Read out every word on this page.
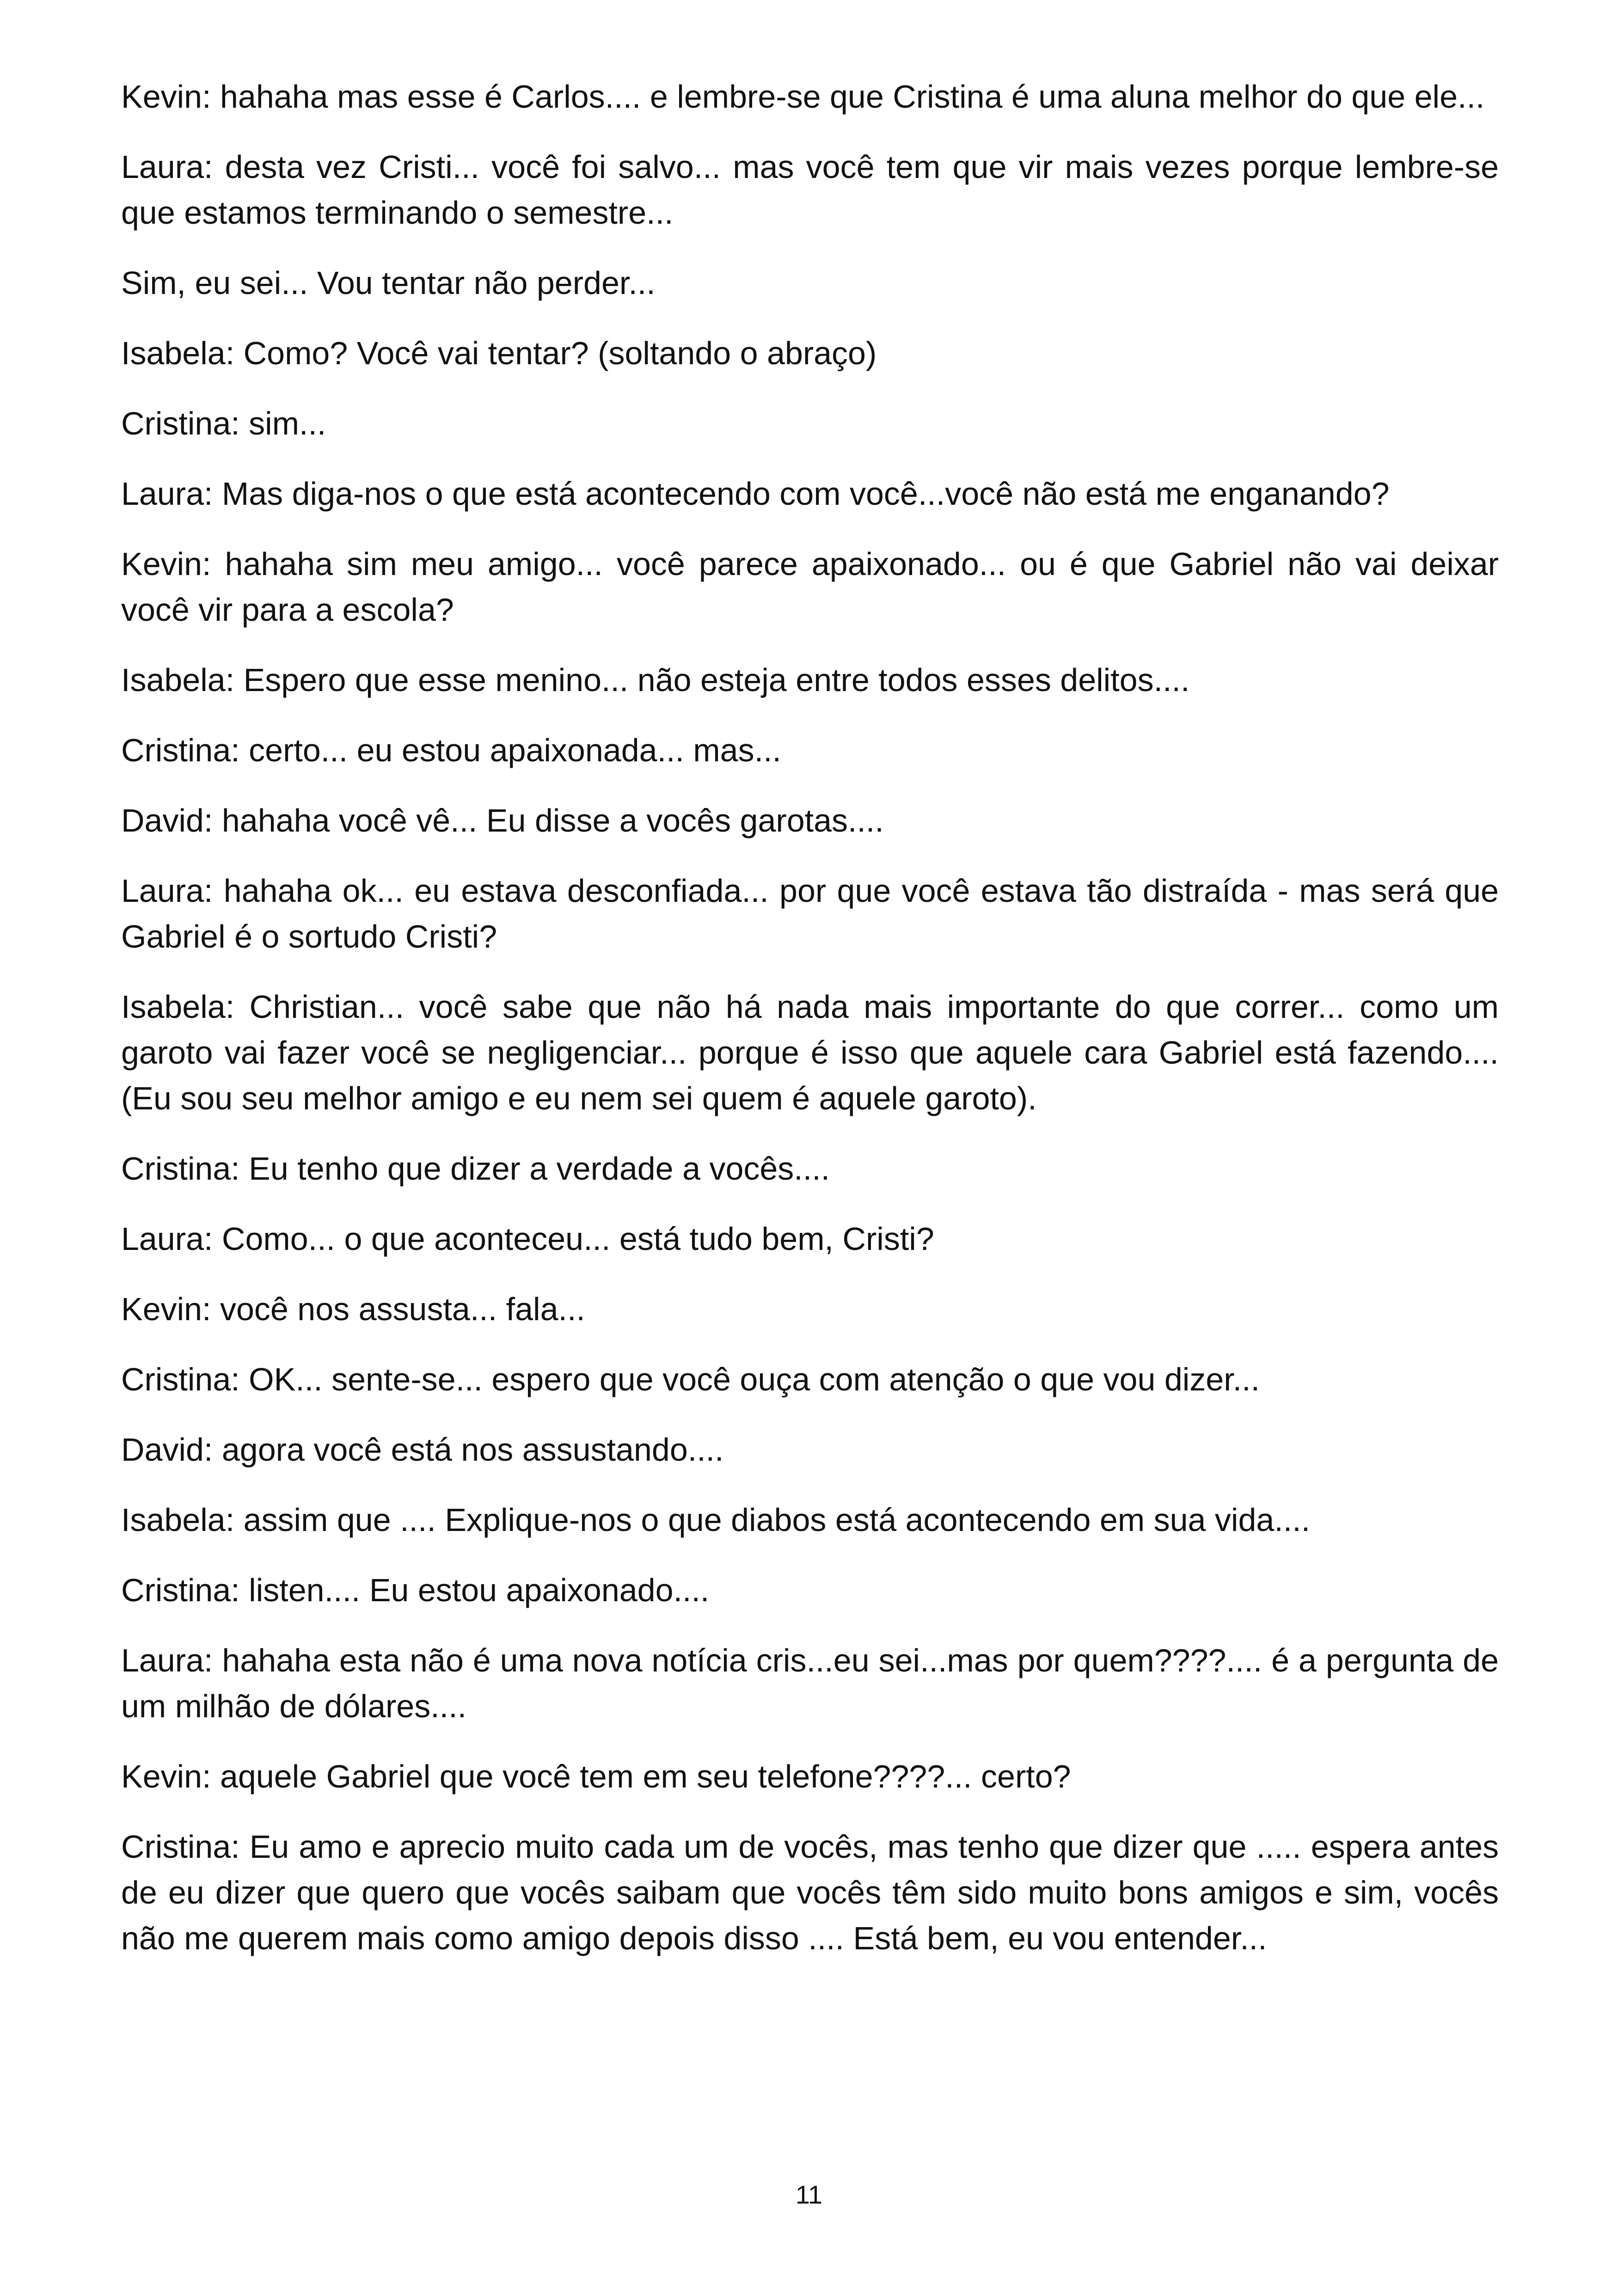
Kevin: hahaha mas esse é Carlos.... e lembre-se que Cristina é uma aluna melhor do que ele...

Laura: desta vez Cristi... você foi salvo... mas você tem que vir mais vezes porque lembre-se que estamos terminando o semestre...

Sim, eu sei... Vou tentar não perder...

Isabela: Como? Você vai tentar? (soltando o abraço)

Cristina: sim...

Laura: Mas diga-nos o que está acontecendo com você...você não está me enganando?

Kevin: hahaha sim meu amigo... você parece apaixonado... ou é que Gabriel não vai deixar você vir para a escola?

Isabela: Espero que esse menino... não esteja entre todos esses delitos....

Cristina: certo... eu estou apaixonada... mas...

David: hahaha você vê... Eu disse a vocês garotas....

Laura: hahaha ok... eu estava desconfiada... por que você estava tão distraída - mas será que Gabriel é o sortudo Cristi?

Isabela: Christian... você sabe que não há nada mais importante do que correr... como um garoto vai fazer você se negligenciar... porque é isso que aquele cara Gabriel está fazendo.... (Eu sou seu melhor amigo e eu nem sei quem é aquele garoto).

Cristina: Eu tenho que dizer a verdade a vocês....

Laura: Como... o que aconteceu... está tudo bem, Cristi?

Kevin: você nos assusta... fala...

Cristina: OK... sente-se... espero que você ouça com atenção o que vou dizer...

David: agora você está nos assustando....

Isabela: assim que .... Explique-nos o que diabos está acontecendo em sua vida....

Cristina: listen.... Eu estou apaixonado....

Laura: hahaha esta não é uma nova notícia cris...eu sei...mas por quem????.... é a pergunta de um milhão de dólares....

Kevin: aquele Gabriel que você tem em seu telefone????... certo?

Cristina: Eu amo e aprecio muito cada um de vocês, mas tenho que dizer que ..... espera antes de eu dizer que quero que vocês saibam que vocês têm sido muito bons amigos e sim, vocês não me querem mais como amigo depois disso .... Está bem, eu vou entender...

11
